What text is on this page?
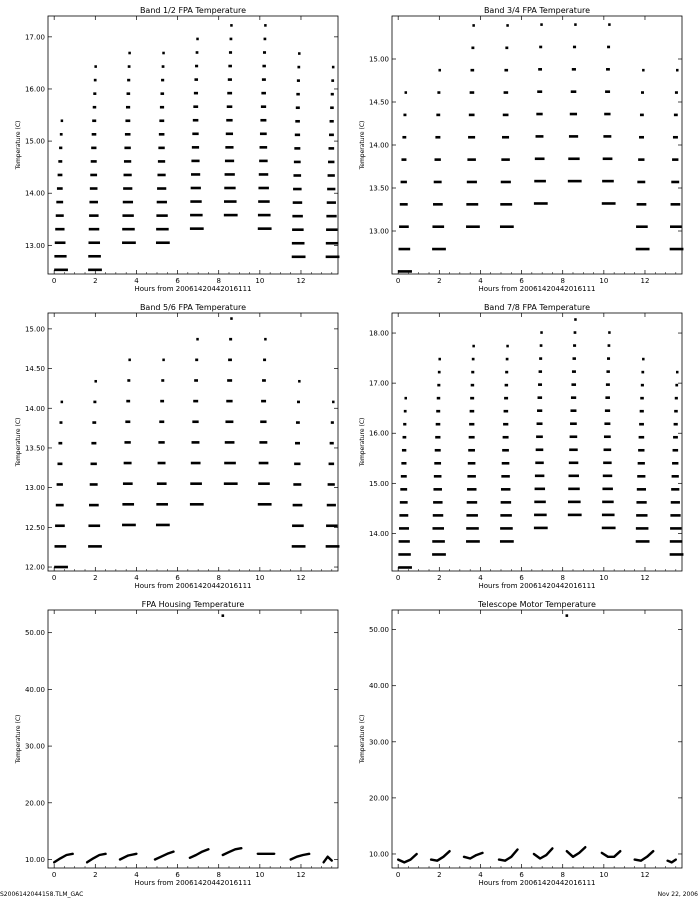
Band 1/2 FPA Temperature
0	2	4	6	8	10	12
13.00
14.00
15.00
16.00
17.00
Hours from 20061420442016111
Temperature (C)
Band 3/4 FPA Temperature
0	2	4	6	8	10	12
13.00
13.50
14.00
14.50
15.00
Hours from 20061420442016111
Temperature (C)
Band 5/6 FPA Temperature
0	2	4	6	8	10	12
12.00
12.50
13.00
13.50
14.00
14.50
15.00
Hours from 20061420442016111
Temperature (C)
Band 7/8 FPA Temperature
0	2	4	6	8	10	12
14.00
15.00
16.00
17.00
18.00
Hours from 20061420442016111
Temperature (C)
FPA Housing Temperature
0	2	4	6	8	10	12
10.00
20.00
30.00
40.00
50.00
Hours from 20061420442016111
Temperature (C)
Telescope Motor Temperature
0	2	4	6	8	10	12
10.00
20.00
30.00
40.00
50.00
Hours from 20061420442016111
Temperature (C)
S2006142044158.TLM_GAC	Nov 22, 2006
